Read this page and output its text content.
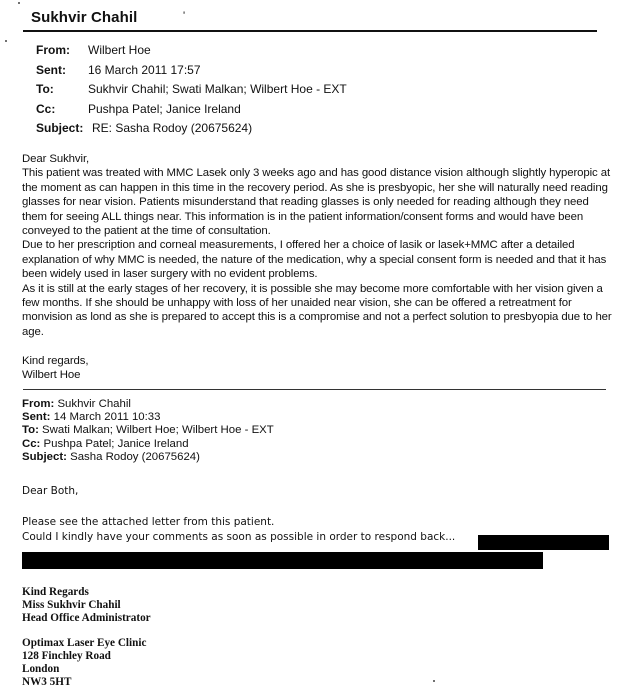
Sukhvir Chahil	'
From:	Wilbert Hoe
Sent:	16 March 2011 17:57
To:	Sukhvir Chahil; Swati Malkan; Wilbert Hoe - EXT
Cc:	Pushpa Patel; Janice Ireland
Subject: RE: Sasha Rodoy (20675624)

Dear Sukhvir,

This patient was treated with MMC Lasek only 3 weeks ago and has good distance vision although slightly hyperopic at the moment as can happen in this time in the recovery period. As she is presbyopic, her she will naturally need reading glasses for near vision. Patients misunderstand that reading glasses is only needed for reading although they need them for seeing ALL things near. This information is in the patient information/consent forms and would have been conveyed to the patient at the time of consultation.

Due to her prescription and corneal measurements, I offered her a choice of lasik or lasek+MMC after a detailed explanation of why MMC is needed, the nature of the medication, why a special consent form is needed and that it has been widely used in laser surgery with no evident problems.

As it is still at the early stages of her recovery, it is possible she may become more comfortable with her vision given a few months. If she should be unhappy with loss of her unaided near vision, she can be offered a retreatment for monvision as lond as she is prepared to accept this is a compromise and not a perfect solution to presbyopia due to her age.

Kind regards,

Wilbert Hoe

From: Sukhvir Chahil
Sent: 14 March 2011 10:33
To: Swati Malkan; Wilbert Hoe; Wilbert Hoe - EXT
Cc: Pushpa Patel; Janice Ireland
Subject: Sasha Rodoy (20675624)

Dear Both,

Please see the attached letter from this patient.

Could I kindly have your comments as soon as possible in order to respond back...

Kind Regards

Miss Sukhvir Chahil

Head Office Administrator

Optimax Laser Eye Clinic

128 Finchley Road

London

NW3 5HT
